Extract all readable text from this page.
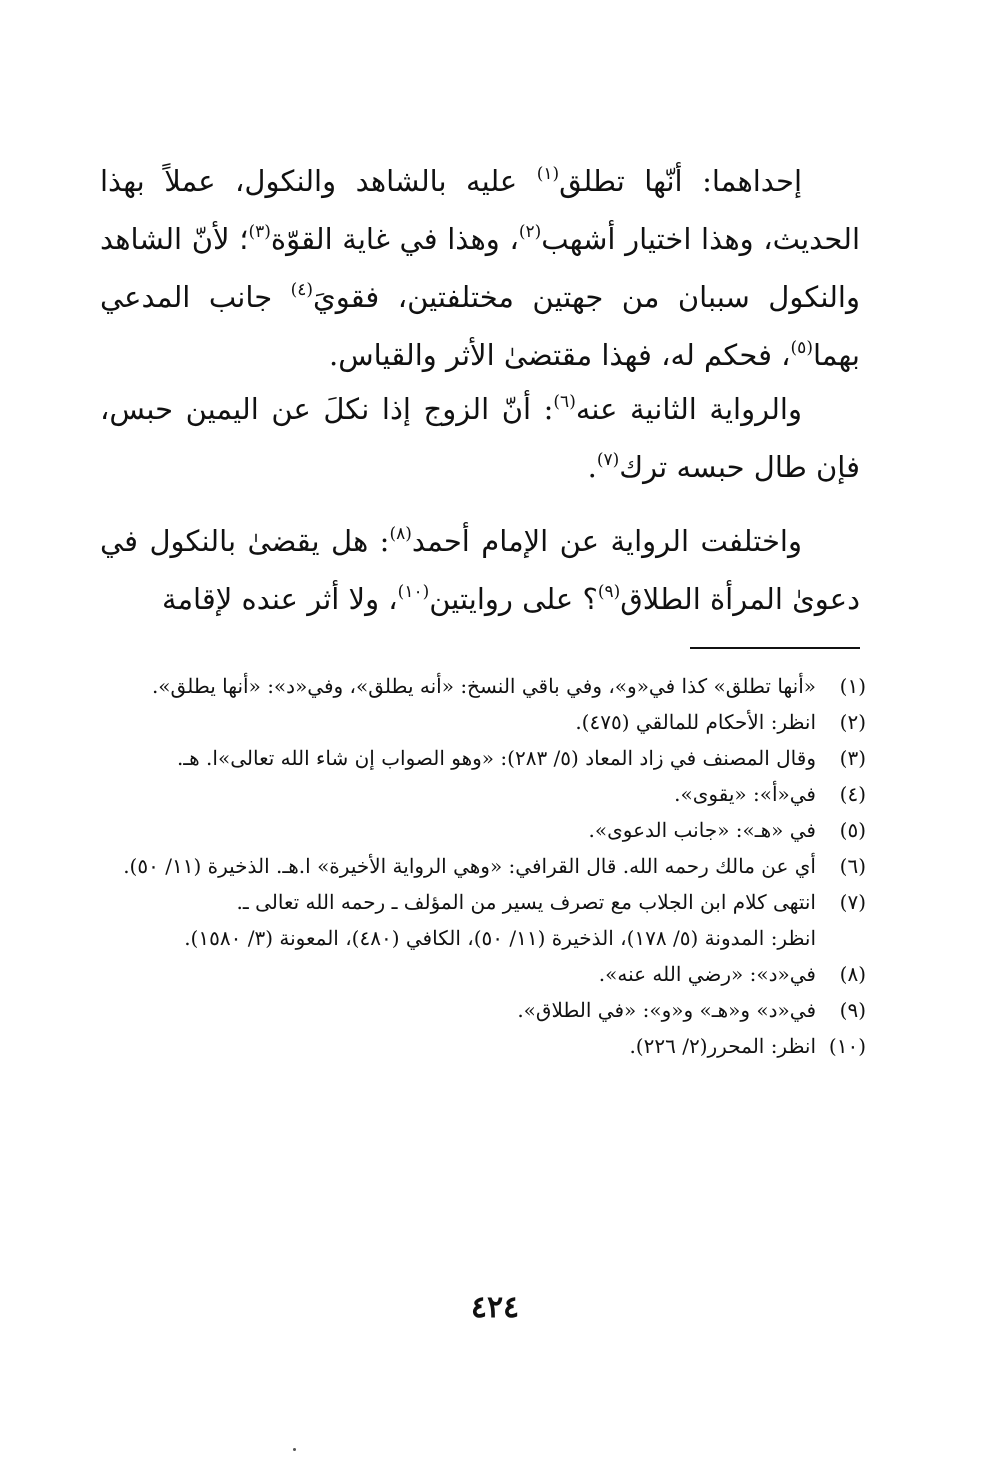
إحداهما: أنّها تطلق$^{(١)}$ عليه بالشاهد والنكول، عملاً بهذا الحديث، وهذا اختيار أشهب$^{(٢)}$، وهذا في غاية القوّة$^{(٣)}$؛ لأنّ الشاهد والنكول سببان من جهتين مختلفتين، فقويَ$^{(٤)}$ جانب المدعي بهما$^{(٥)}$، فحكم له، فهذا مقتضىٰ الأثر والقياس.

والرواية الثانية عنه$^{(٦)}$: أنّ الزوج إذا نكلَ عن اليمين حبس، فإن طال حبسه ترك$^{(٧)}$.

واختلفت الرواية عن الإمام أحمد$^{(٨)}$: هل يقضىٰ بالنكول في دعوىٰ المرأة الطلاق$^{(٩)}$؟ على روايتين$^{(١٠)}$، ولا أثر عنده لإقامة

(١)
«أنها تطلق» كذا في«و»، وفي باقي النسخ: «أنه يطلق»، وفي«د»: «أنها يطلق».
(٢)
انظر: الأحكام للمالقي (٤٧٥).
(٣)
وقال المصنف في زاد المعاد (٥/ ٢٨٣): «وهو الصواب إن شاء الله تعالى»ا. هـ.
(٤)
في«أ»: «يقوى».
(٥)
في «هـ»: «جانب الدعوى».
(٦)
أي عن مالك رحمه الله. قال القرافي: «وهي الرواية الأخيرة» ا.هـ. الذخيرة (١١/ ٥٠).
(٧)
انتهى كلام ابن الجلاب مع تصرف يسير من المؤلف ـ رحمه الله تعالى ـ.
انظر: المدونة (٥/ ١٧٨)، الذخيرة (١١/ ٥٠)، الكافي (٤٨٠)، المعونة (٣/ ١٥٨٠).
(٨)
في«د»: «رضي الله عنه».
(٩)
في«د» و«هـ» و«و»: «في الطلاق».
(١٠)
انظر: المحرر(٢/ ٢٢٦).
٤٢٤
